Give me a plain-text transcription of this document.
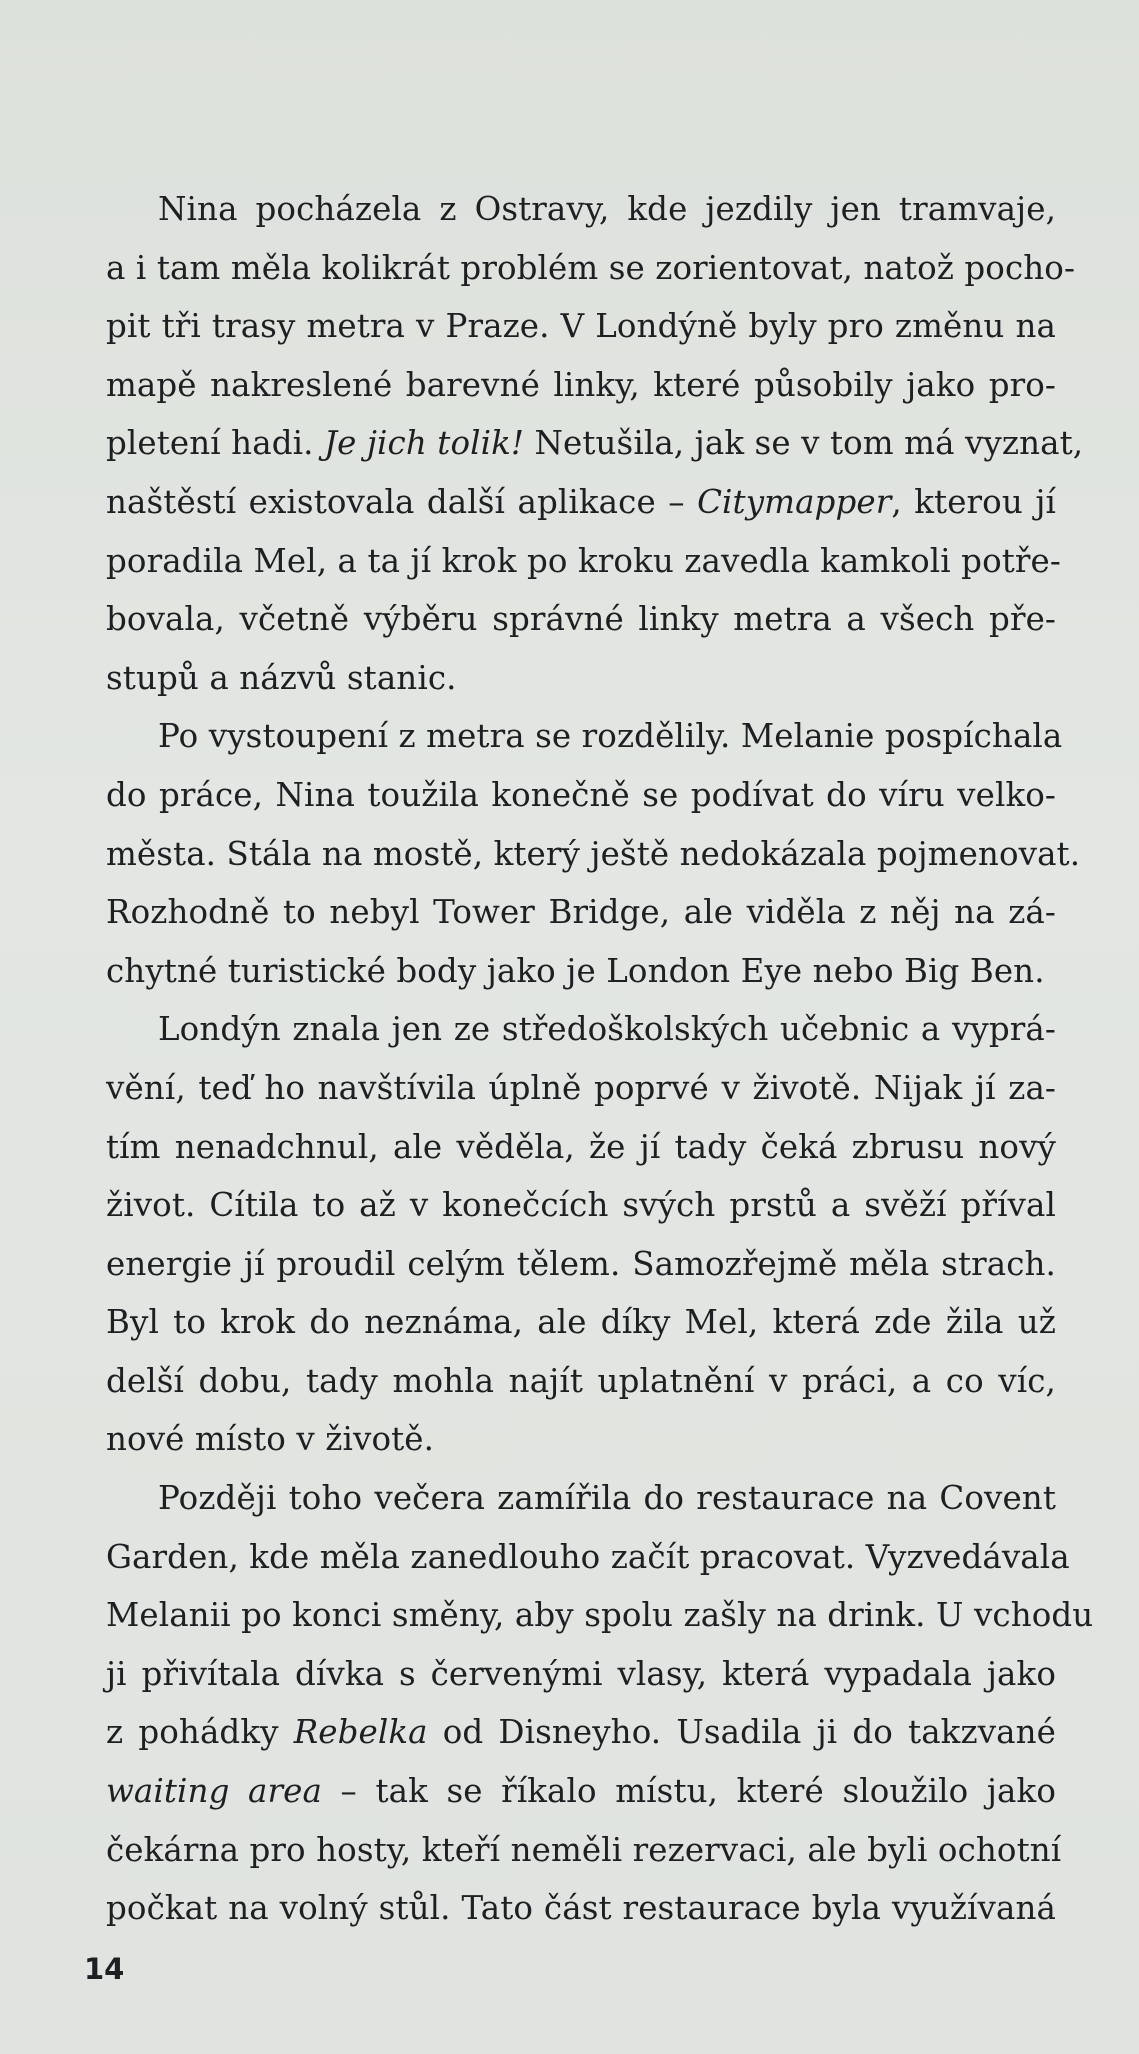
Nina pocházela z Ostravy, kde jezdily jen tramvaje,
a i tam měla kolikrát problém se zorientovat, natož pocho-
pit tři trasy metra v Praze. V Londýně byly pro změnu na
mapě nakreslené barevné linky, které působily jako pro-
pletení hadi. Je jich tolik! Netušila, jak se v tom má vyznat,
naštěstí existovala další aplikace – Citymapper, kterou jí
poradila Mel, a ta jí krok po kroku zavedla kamkoli potře-
bovala, včetně výběru správné linky metra a všech pře-
stupů a názvů stanic.
Po vystoupení z metra se rozdělily. Melanie pospíchala
do práce, Nina toužila konečně se podívat do víru velko-
města. Stála na mostě, který ještě nedokázala pojmenovat.
Rozhodně to nebyl Tower Bridge, ale viděla z něj na zá-
chytné turistické body jako je London Eye nebo Big Ben.
Londýn znala jen ze středoškolských učebnic a vyprá-
vění, teď ho navštívila úplně poprvé v životě. Nijak jí za-
tím nenadchnul, ale věděla, že jí tady čeká zbrusu nový
život. Cítila to až v konečcích svých prstů a svěží příval
energie jí proudil celým tělem. Samozřejmě měla strach.
Byl to krok do neznáma, ale díky Mel, která zde žila už
delší dobu, tady mohla najít uplatnění v práci, a co víc,
nové místo v životě.
Později toho večera zamířila do restaurace na Covent
Garden, kde měla zanedlouho začít pracovat. Vyzvedávala
Melanii po konci směny, aby spolu zašly na drink. U vchodu
ji přivítala dívka s červenými vlasy, která vypadala jako
z pohádky Rebelka od Disneyho. Usadila ji do takzvané
waiting area – tak se říkalo místu, které sloužilo jako
čekárna pro hosty, kteří neměli rezervaci, ale byli ochotní
počkat na volný stůl. Tato část restaurace byla využívaná
14
